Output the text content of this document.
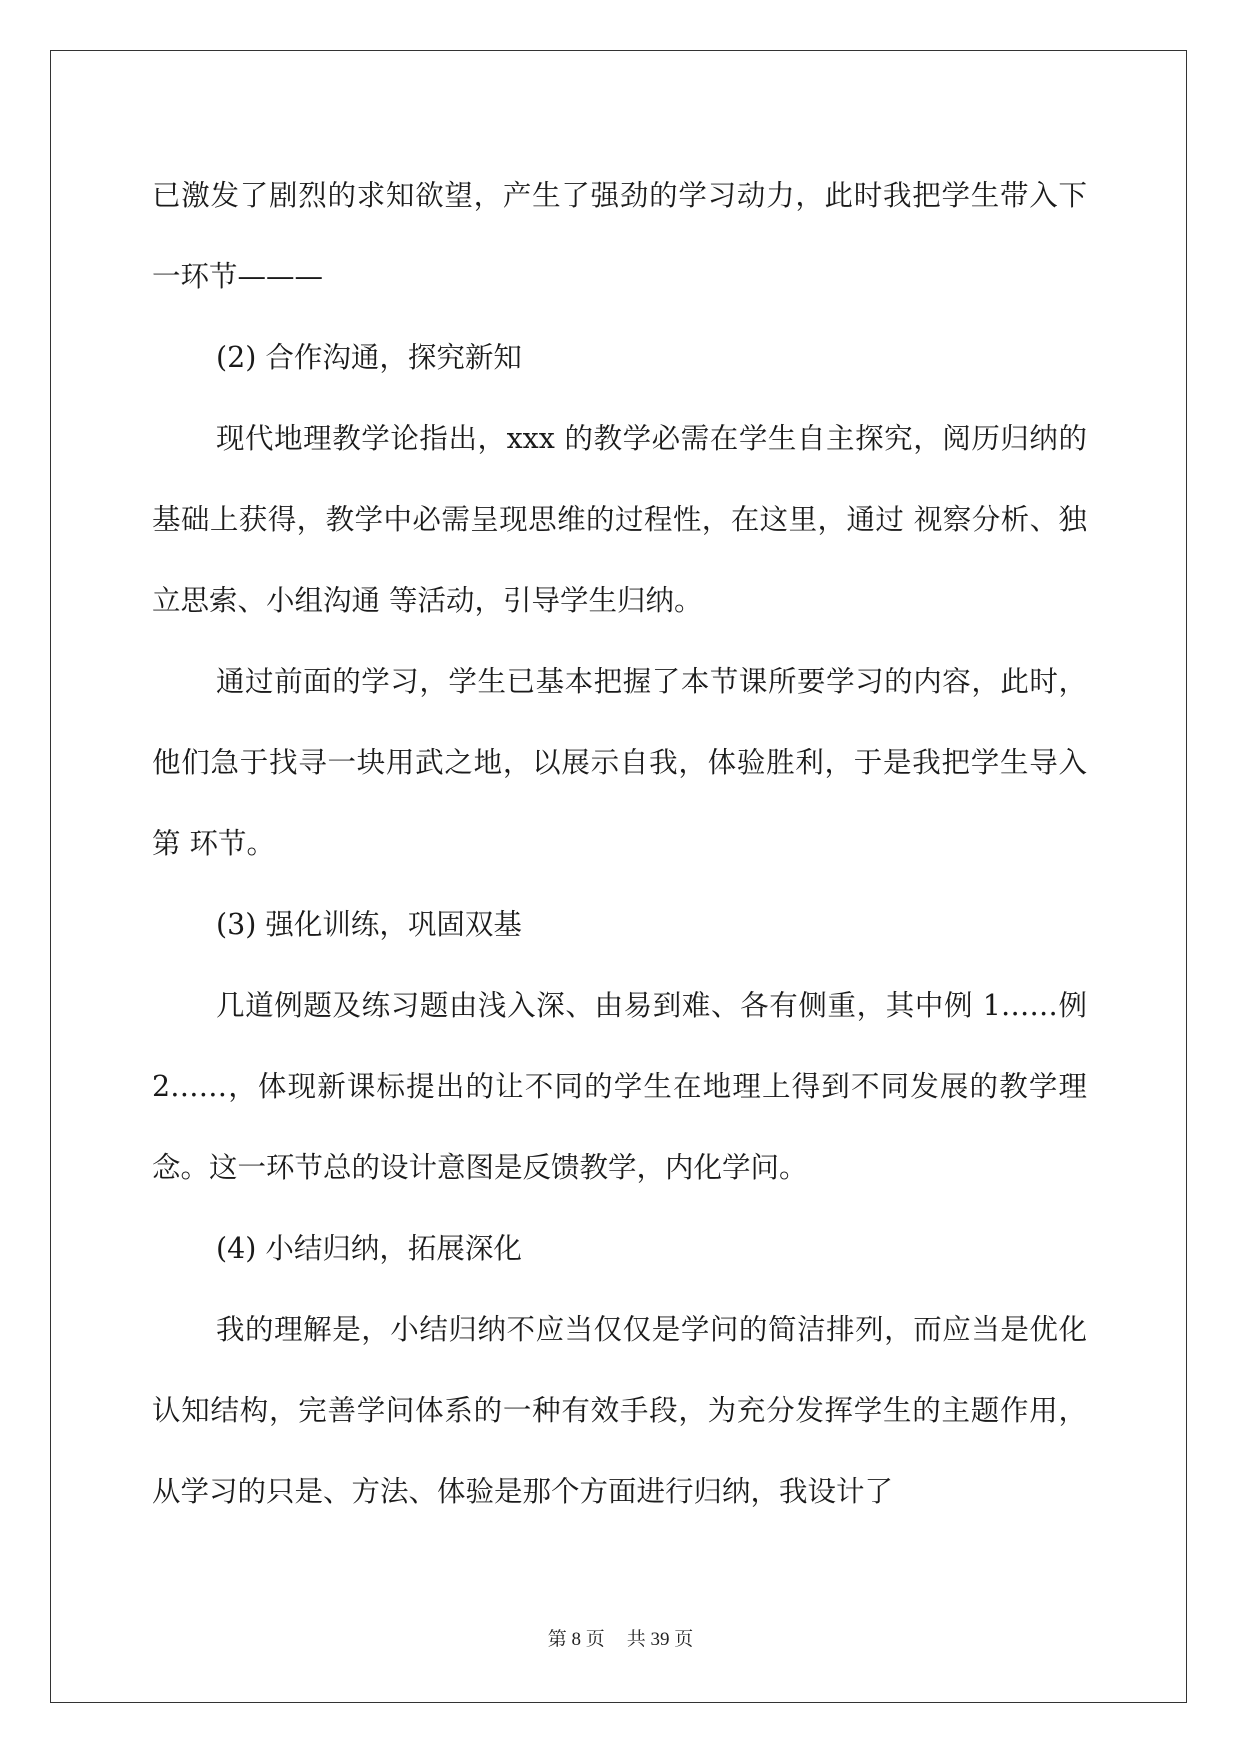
已激发了剧烈的求知欲望，产生了强劲的学习动力，此时我把学生带入下一环节———

(2) 合作沟通，探究新知

现代地理教学论指出，xxx 的教学必需在学生自主探究，阅历归纳的基础上获得，教学中必需呈现思维的过程性，在这里，通过 视察分析、独立思索、小组沟通 等活动，引导学生归纳。

通过前面的学习，学生已基本把握了本节课所要学习的内容，此时，他们急于找寻一块用武之地，以展示自我，体验胜利，于是我把学生导入第 环节。

(3) 强化训练，巩固双基

几道例题及练习题由浅入深、由易到难、各有侧重，其中例 1……例 2……，体现新课标提出的让不同的学生在地理上得到不同发展的教学理念。这一环节总的设计意图是反馈教学，内化学问。

(4) 小结归纳，拓展深化

我的理解是，小结归纳不应当仅仅是学问的简洁排列，而应当是优化认知结构，完善学问体系的一种有效手段，为充分发挥学生的主题作用，从学习的只是、方法、体验是那个方面进行归纳，我设计了

第 8 页 共 39 页
